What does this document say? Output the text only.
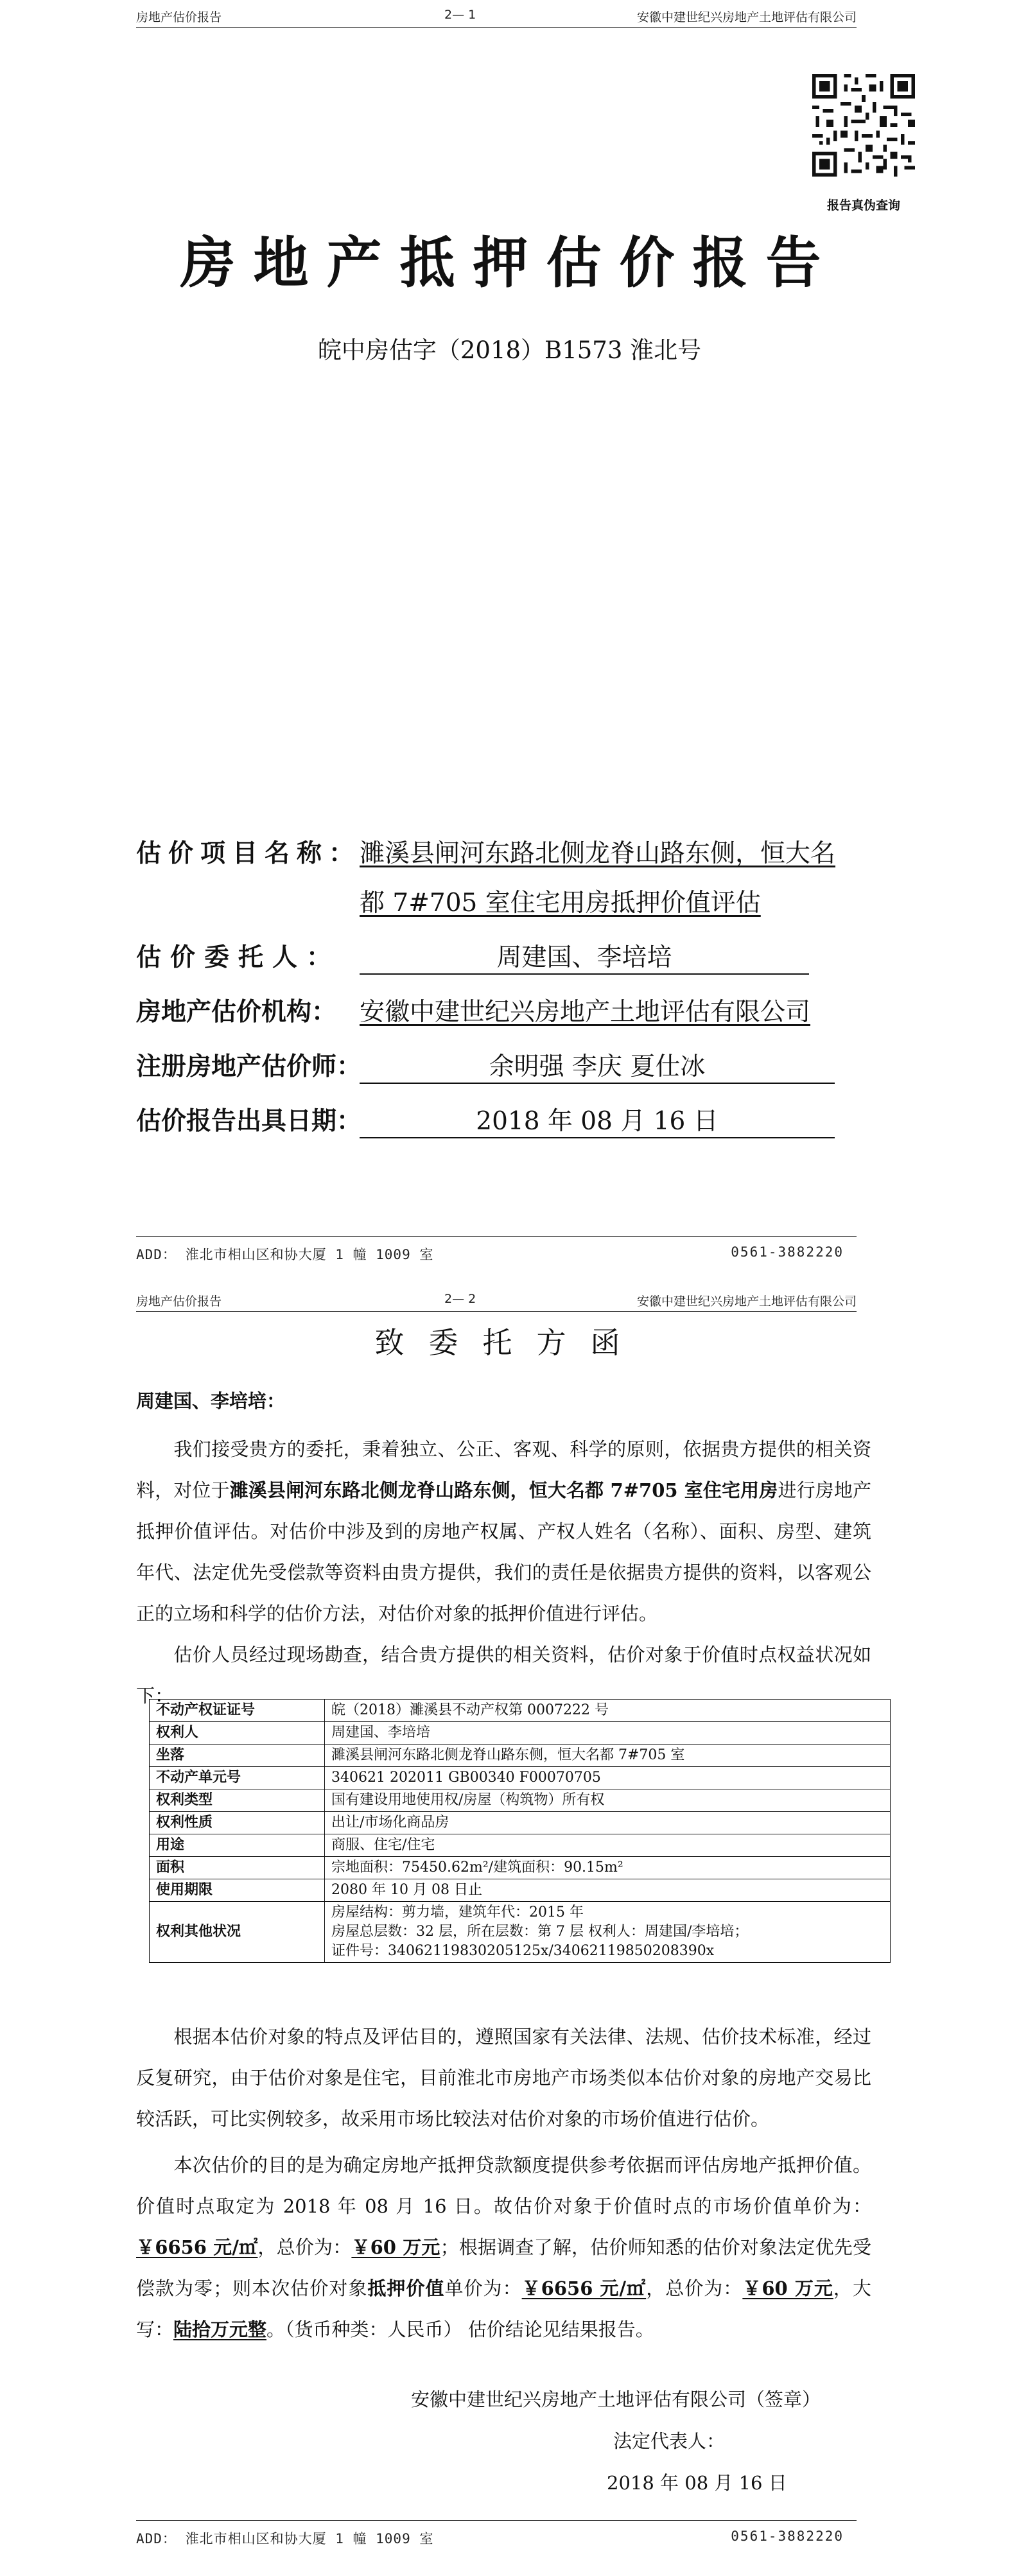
房地产估价报告	2— 1	安徽中建世纪兴房地产土地评估有限公司
报告真伪查询
房地产抵押估价报告
皖中房估字（2018）B1573 淮北号
估价项目名称：
濉溪县闸河东路北侧龙脊山路东侧，恒大名
都 7#705 室住宅用房抵押价值评估
估价委托人：	周建国、李培培
房地产估价机构： 安徽中建世纪兴房地产土地评估有限公司
注册房地产估价师：	余明强 李庆 夏仕冰
估价报告出具日期：	2018 年 08 月 16 日
ADD： 淮北市相山区和协大厦 1 幢 1009 室	0561-3882220
房地产估价报告	2— 2	安徽中建世纪兴房地产土地评估有限公司
致委托方函
周建国、李培培：
我们接受贵方的委托，秉着独立、公正、客观、科学的原则，依据贵方提供的相关资料，对位于濉溪县闸河东路北侧龙脊山路东侧，恒大名都 7#705 室住宅用房进行房地产抵押价值评估。对估价中涉及到的房地产权属、产权人姓名（名称）、面积、房型、建筑年代、法定优先受偿款等资料由贵方提供，我们的责任是依据贵方提供的资料，以客观公正的立场和科学的估价方法，对估价对象的抵押价值进行评估。
估价人员经过现场勘查，结合贵方提供的相关资料，估价对象于价值时点权益状况如下：
不动产权证证号	皖（2018）濉溪县不动产权第 0007222 号
权利人	周建国、李培培
坐落	濉溪县闸河东路北侧龙脊山路东侧，恒大名都 7#705 室
不动产单元号	340621 202011 GB00340 F00070705
权利类型	国有建设用地使用权/房屋（构筑物）所有权
权利性质	出让/市场化商品房
用途	商服、住宅/住宅
面积	宗地面积：75450.62m²/建筑面积：90.15m²
使用期限	2080 年 10 月 08 日止
权利其他状况	房屋结构：剪力墙，建筑年代：2015 年
房屋总层数：32 层，所在层数：第 7 层 权利人：周建国/李培培；
证件号：3406211983020512​5x/340621198502083​90x
根据本估价对象的特点及评估目的，遵照国家有关法律、法规、估价技术标准，经过反复研究，由于估价对象是住宅，目前淮北市房地产市场类似本估价对象的房地产交易比较活跃，可比实例较多，故采用市场比较法对估价对象的市场价值进行估价。
本次估价的目的是为确定房地产抵押贷款额度提供参考依据而评估房地产抵押价值。价值时点取定为 2018 年 08 月 16 日。故估价对象于价值时点的市场价值单价为：￥6656 元/㎡，总价为：￥60 万元；根据调查了解，估价师知悉的估价对象法定优先受偿款为零；则本次估价对象抵押价值单价为：￥6656 元/㎡，总价为：￥60 万元，大写：陆拾万元整。（货币种类：人民币） 估价结论见结果报告。
安徽中建世纪兴房地产土地评估有限公司（签章）
法定代表人：
2018 年 08 月 16 日
ADD： 淮北市相山区和协大厦 1 幢 1009 室	0561-3882220
